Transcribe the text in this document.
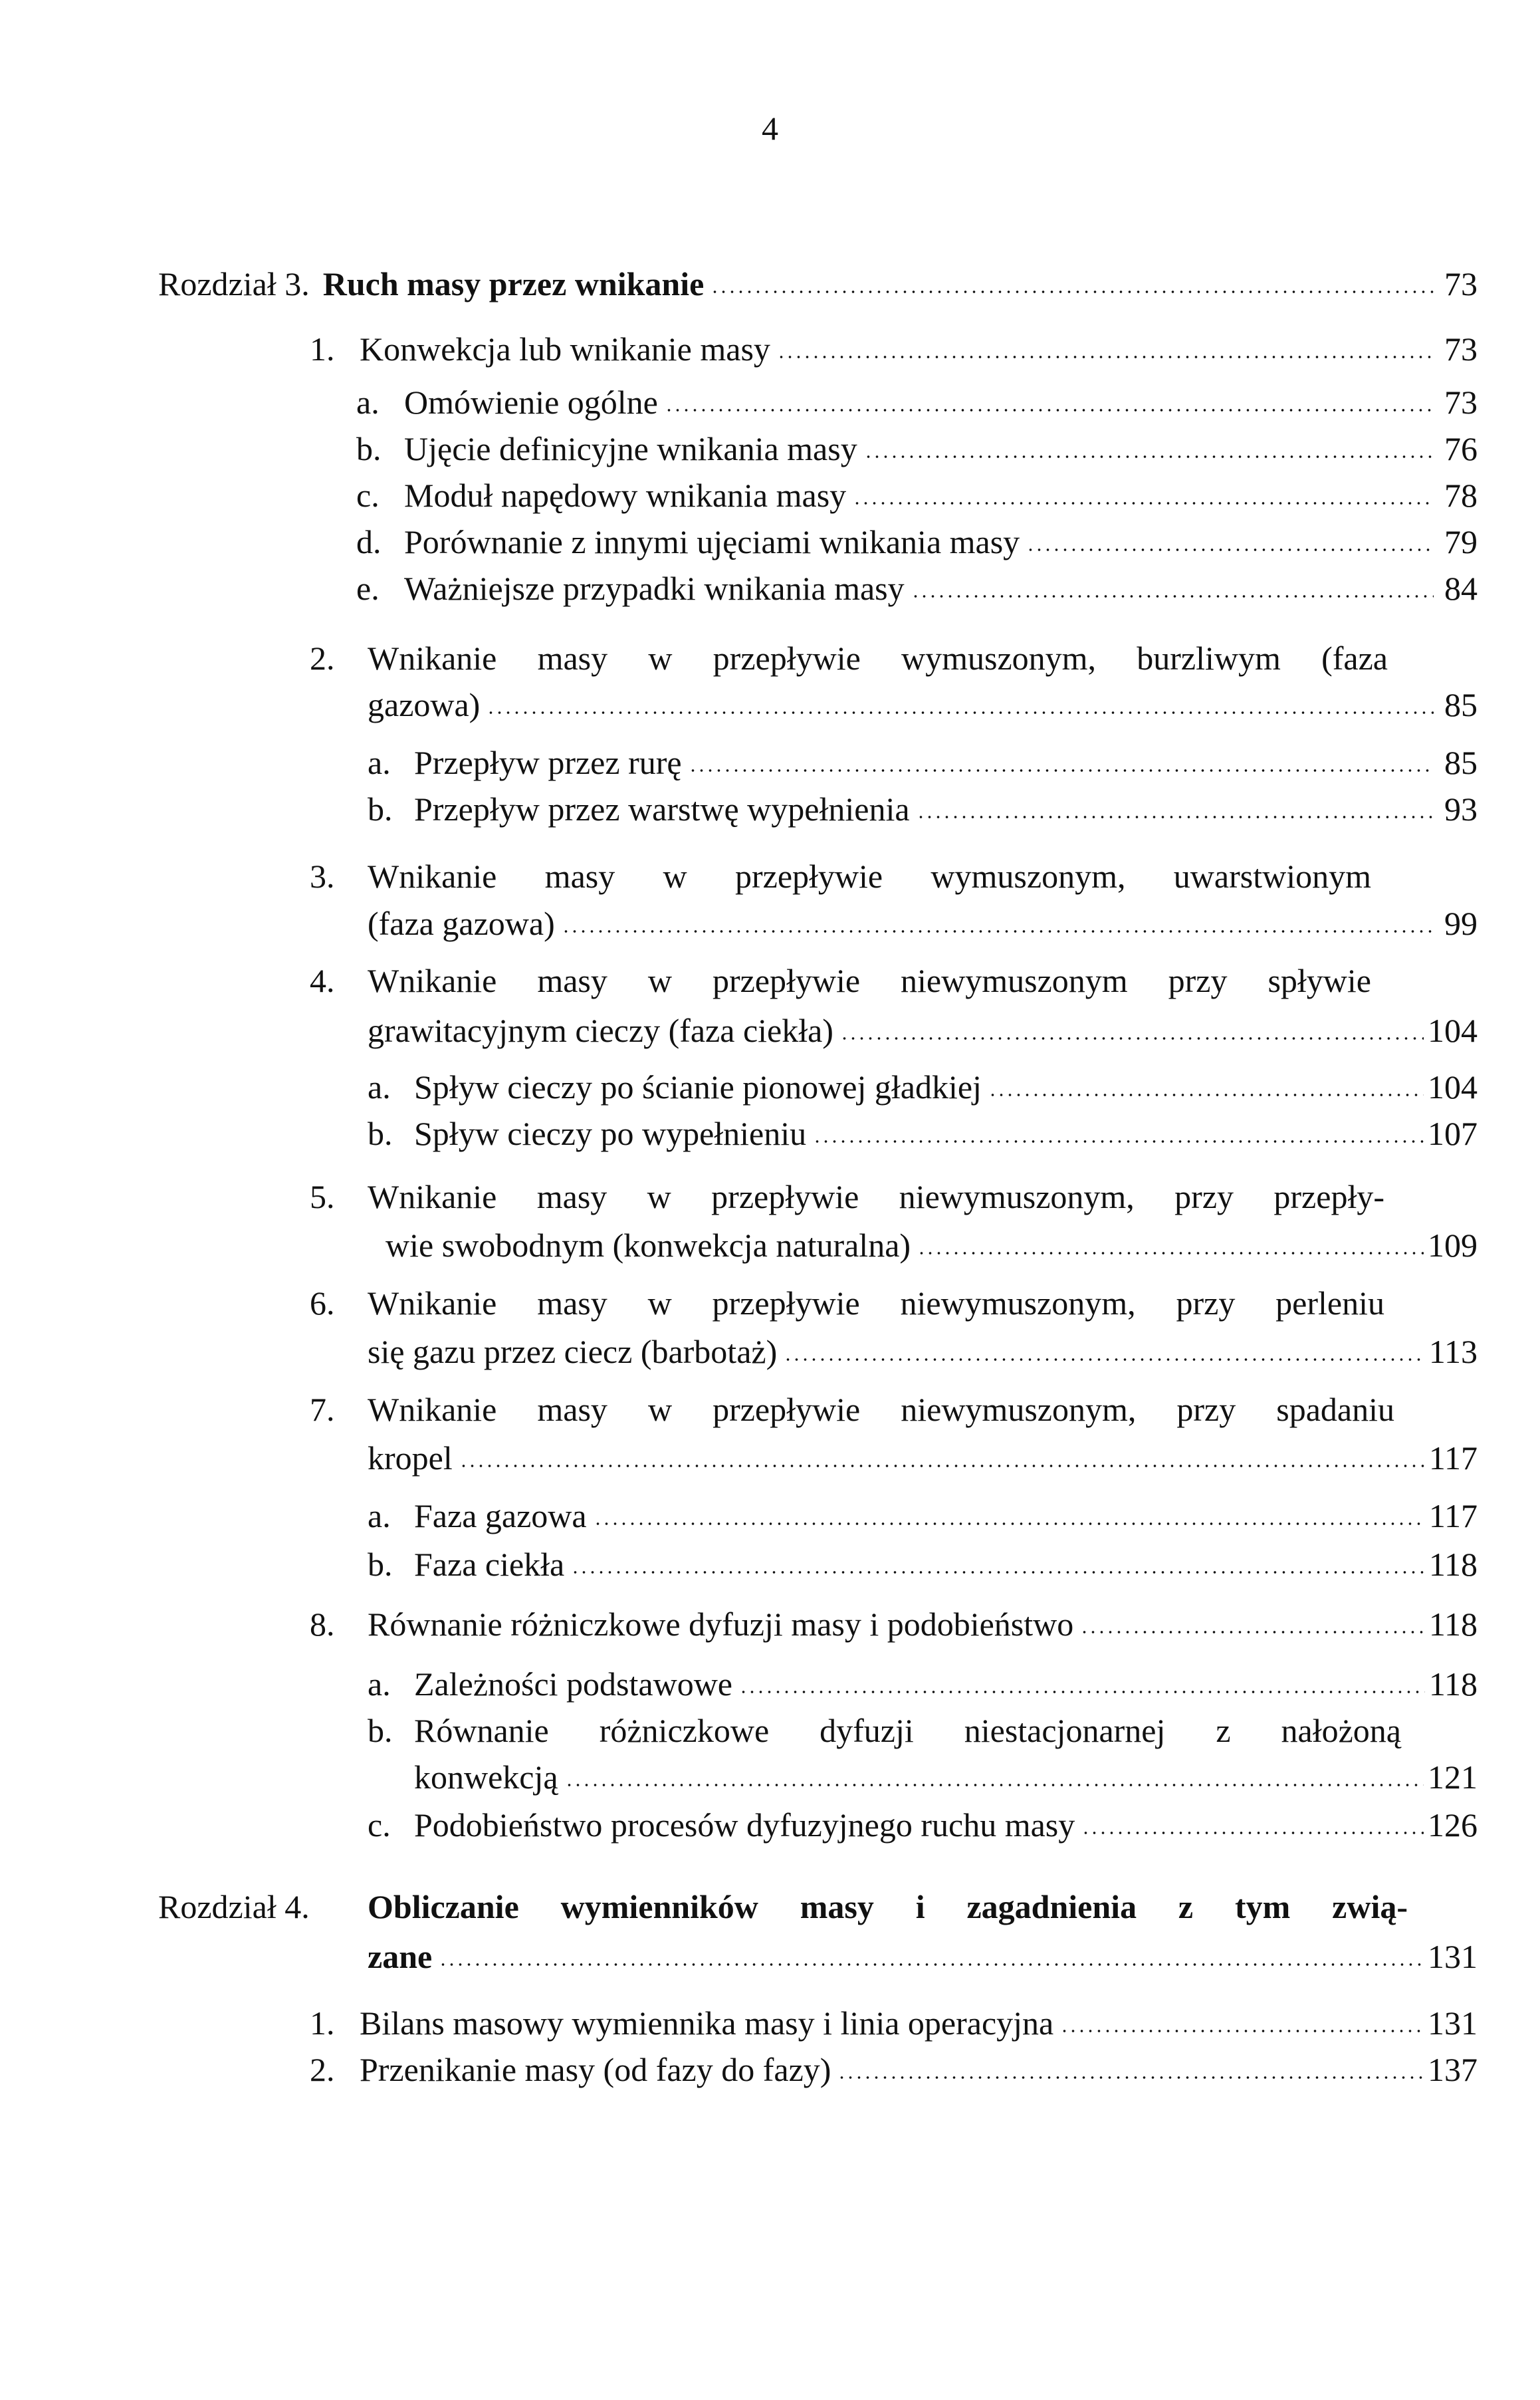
4
Rozdział 3. Ruch masy przez wnikanie	73
1. Konwekcja lub wnikanie masy	73
a. Omówienie ogólne	73
b. Ujęcie definicyjne wnikania masy	76
c. Moduł napędowy wnikania masy	78
d. Porównanie z innymi ujęciami wnikania masy	79
e. Ważniejsze przypadki wnikania masy	84
2. Wnikanie masy w przepływie wymuszonym, burzliwym (faza
gazowa)	85
a. Przepływ przez rurę	85
b. Przepływ przez warstwę wypełnienia	93
3. Wnikanie masy w przepływie wymuszonym, uwarstwionym
(faza gazowa)	99
4. Wnikanie masy w przepływie niewymuszonym przy spływie
grawitacyjnym cieczy (faza ciekła)	104
a. Spływ cieczy po ścianie pionowej gładkiej	104
b. Spływ cieczy po wypełnieniu	107
5. Wnikanie masy w przepływie niewymuszonym, przy przepły-
wie swobodnym (konwekcja naturalna)	109
6. Wnikanie masy w przepływie niewymuszonym, przy perleniu
się gazu przez ciecz (barbotaż)	113
7. Wnikanie masy w przepływie niewymuszonym, przy spadaniu
kropel	117
a. Faza gazowa	117
b. Faza ciekła	118
8. Równanie różniczkowe dyfuzji masy i podobieństwo	118
a. Zależności podstawowe	118
b. Równanie różniczkowe dyfuzji niestacjonarnej z nałożoną
konwekcją	121
c. Podobieństwo procesów dyfuzyjnego ruchu masy	126
Rozdział 4. Obliczanie wymienników masy i zagadnienia z tym zwią-
zane	131
1. Bilans masowy wymiennika masy i linia operacyjna	131
2. Przenikanie masy (od fazy do fazy)	137
